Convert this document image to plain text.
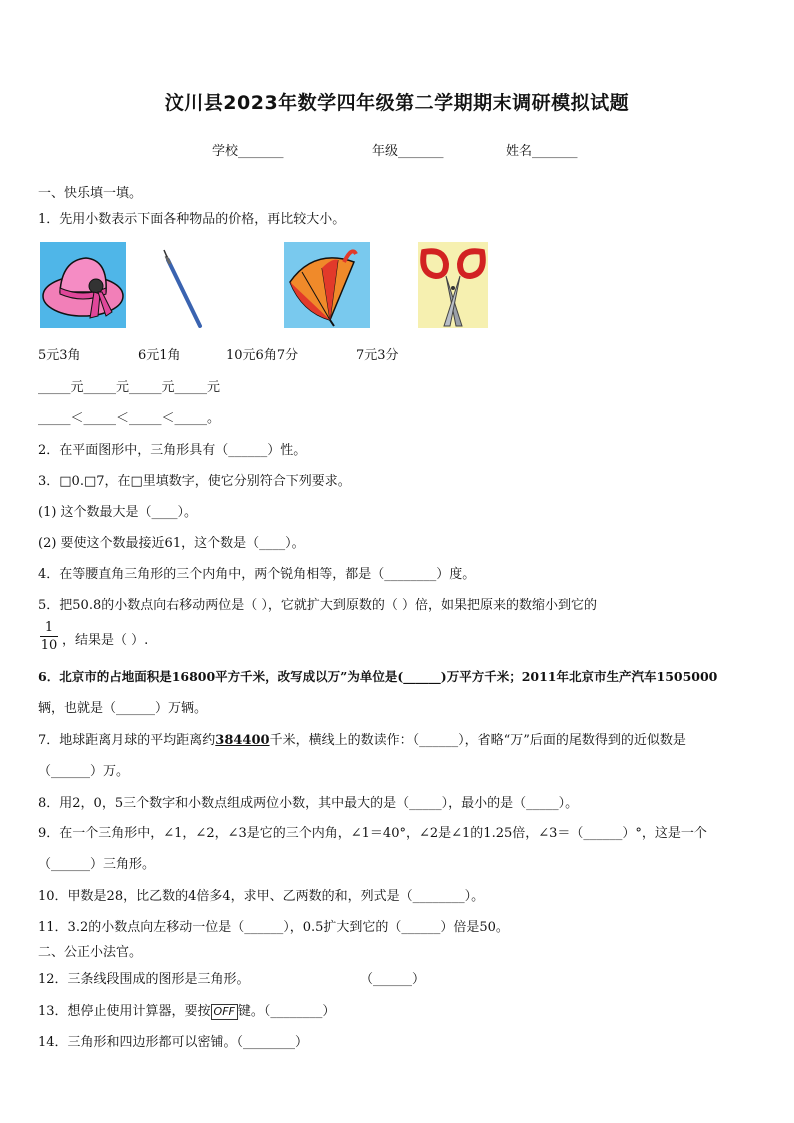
汶川县2023年数学四年级第二学期期末调研模拟试题
学校_______	年级_______	姓名_______
一、快乐填一填。
1．先用小数表示下面各种物品的价格，再比较大小。
5元3角	6元1角	10元6角7分	7元3分
_____元_____元_____元_____元
_____＜_____＜_____＜_____。
2．在平面图形中，三角形具有（______）性。
3．□0.□7，在□里填数字，使它分别符合下列要求。
(1) 这个数最大是（____）。
(2) 要使这个数最接近61，这个数是（____）。
4．在等腰直角三角形的三个内角中，两个锐角相等，都是（________）度。
5．把50.8的小数点向右移动两位是（ ），它就扩大到原数的（ ）倍，如果把原来的数缩小到它的
1
10 ，结果是（ ）.
6．北京市的占地面积是16800平方千米，改写成以万”为单位是(______)万平方千米；2011年北京市生产汽车1505000
辆，也就是（______）万辆。
7．地球距离月球的平均距离约384400千米，横线上的数读作：（______），省略“万”后面的尾数得到的近似数是
（______）万。
8．用2，0，5三个数字和小数点组成两位小数，其中最大的是（_____），最小的是（_____）。
9．在一个三角形中，∠1，∠2，∠3是它的三个内角，∠1＝40°，∠2是∠1的1.25倍，∠3＝（______）°，这是一个
（______）三角形。
10．甲数是28，比乙数的4倍多4，求甲、乙两数的和，列式是（________）。
11．3.2的小数点向左移动一位是（______），0.5扩大到它的（______）倍是50。
二、公正小法官。
12．三条线段围成的图形是三角形。	（______）
13．想停止使用计算器，要按 OFF 键。（________）
14．三角形和四边形都可以密铺。（________）
